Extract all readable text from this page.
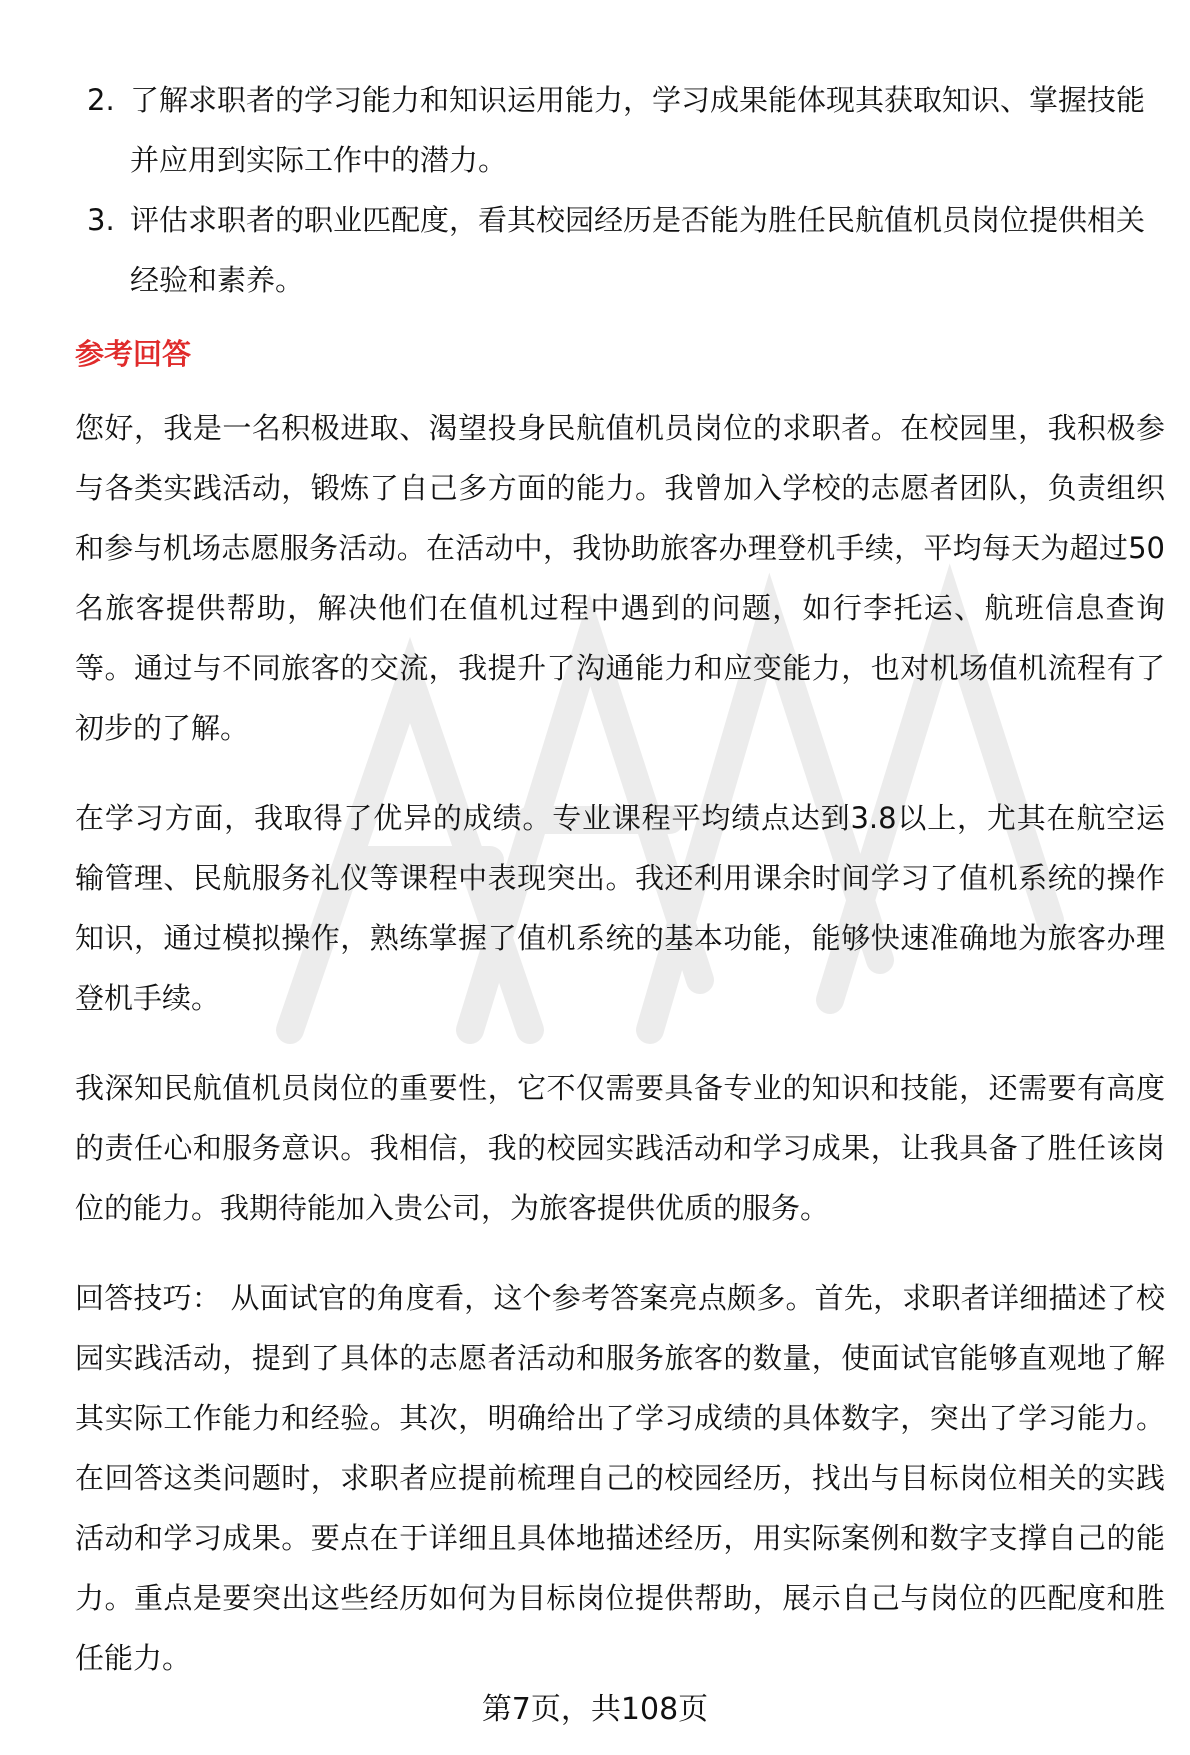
2. 了解求职者的学习能力和知识运用能力，学习成果能体现其获取知识、掌握技能并应用到实际工作中的潜力。
3. 评估求职者的职业匹配度，看其校园经历是否能为胜任民航值机员岗位提供相关经验和素养。
参考回答

您好，我是一名积极进取、渴望投身民航值机员岗位的求职者。在校园里，我积极参与各类实践活动，锻炼了自己多方面的能力。我曾加入学校的志愿者团队，负责组织和参与机场志愿服务活动。在活动中，我协助旅客办理登机手续，平均每天为超过50名旅客提供帮助，解决他们在值机过程中遇到的问题，如行李托运、航班信息查询等。通过与不同旅客的交流，我提升了沟通能力和应变能力，也对机场值机流程有了初步的了解。

在学习方面，我取得了优异的成绩。专业课程平均绩点达到3.8以上，尤其在航空运输管理、民航服务礼仪等课程中表现突出。我还利用课余时间学习了值机系统的操作知识，通过模拟操作，熟练掌握了值机系统的基本功能，能够快速准确地为旅客办理登机手续。

我深知民航值机员岗位的重要性，它不仅需要具备专业的知识和技能，还需要有高度的责任心和服务意识。我相信，我的校园实践活动和学习成果，让我具备了胜任该岗位的能力。我期待能加入贵公司，为旅客提供优质的服务。

回答技巧： 从面试官的角度看，这个参考答案亮点颇多。首先，求职者详细描述了校园实践活动，提到了具体的志愿者活动和服务旅客的数量，使面试官能够直观地了解其实际工作能力和经验。其次，明确给出了学习成绩的具体数字，突出了学习能力。在回答这类问题时，求职者应提前梳理自己的校园经历，找出与目标岗位相关的实践活动和学习成果。要点在于详细且具体地描述经历，用实际案例和数字支撑自己的能力。重点是要突出这些经历如何为目标岗位提供帮助，展示自己与岗位的匹配度和胜任能力。

第7页，共108页
